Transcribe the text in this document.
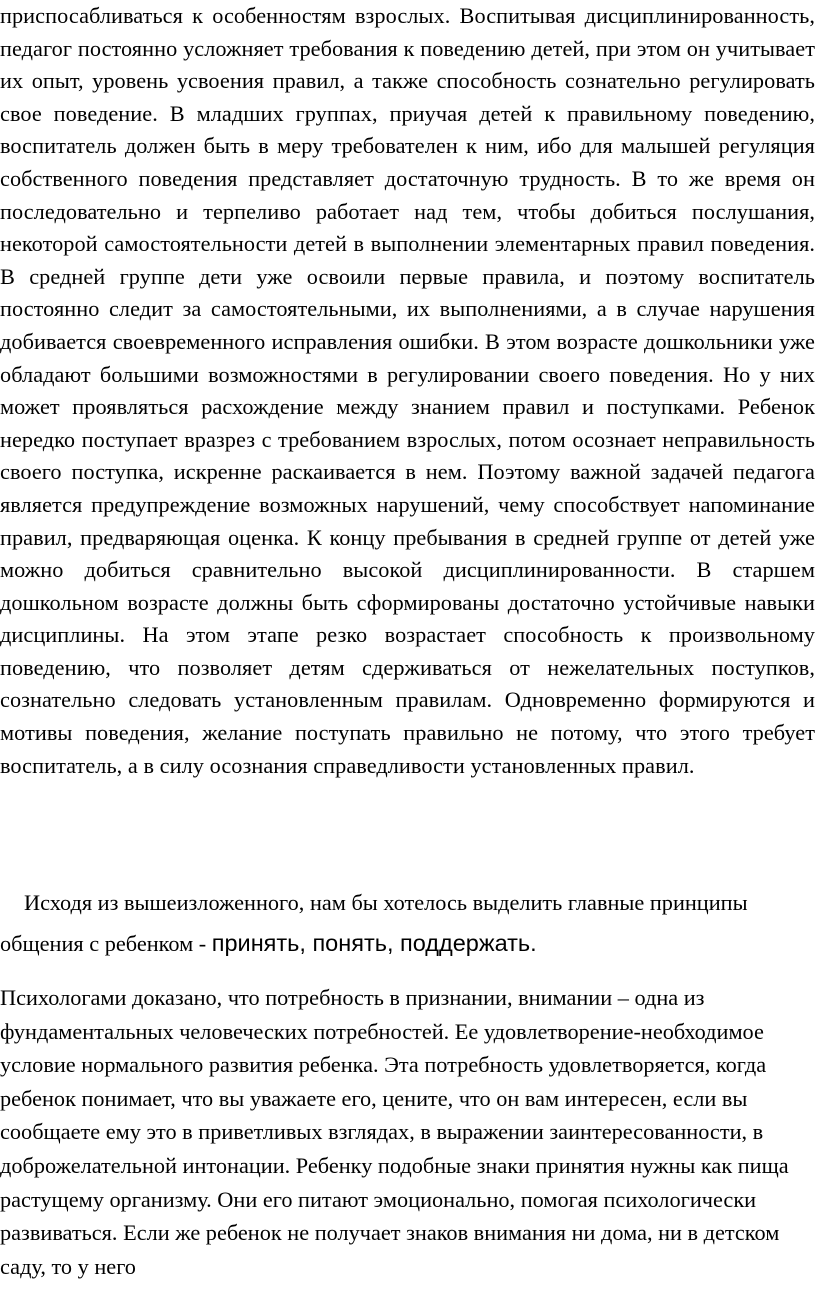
приспосабливаться к особенностям взрослых. Воспитывая дисциплинированность, педагог постоянно усложняет требования к поведению детей, при этом он учитывает их опыт, уровень усвоения правил, а также способность сознательно регулировать свое поведение. В младших группах, приучая детей к правильному поведению, воспитатель должен быть в меру требователен к ним, ибо для малышей регуляция собственного поведения представляет достаточную трудность. В то же время он последовательно и терпеливо работает над тем, чтобы добиться послушания, некоторой самостоятельности детей в выполнении элементарных правил поведения. В средней группе дети уже освоили первые правила, и поэтому воспитатель постоянно следит за самостоятельными, их выполнениями, а в случае нарушения добивается своевременного исправления ошибки. В этом возрасте дошкольники уже обладают большими возможностями в регулировании своего поведения. Но у них может проявляться расхождение между знанием правил и поступками. Ребенок нередко поступает вразрез с требованием взрослых, потом осознает неправильность своего поступка, искренне раскаивается в нем. Поэтому важной задачей педагога является предупреждение возможных нарушений, чему способствует напоминание правил, предваряющая оценка. К концу пребывания в средней группе от детей уже можно добиться сравнительно высокой дисциплинированности. В старшем дошкольном возрасте должны быть сформированы достаточно устойчивые навыки дисциплины. На этом этапе резко возрастает способность к произвольному поведению, что позволяет детям сдерживаться от нежелательных поступков, сознательно следовать установленным правилам. Одновременно формируются и мотивы поведения, желание поступать правильно не потому, что этого требует воспитатель, а в силу осознания справедливости установленных правил.

Исходя из вышеизложенного, нам бы хотелось выделить главные принципы общения с ребенком - принять, понять, поддержать.

Психологами доказано, что потребность в признании, внимании – одна из фундаментальных человеческих потребностей. Ее удовлетворение-необходимое условие нормального развития ребенка. Эта потребность удовлетворяется, когда ребенок понимает, что вы уважаете его, цените, что он вам интересен, если вы сообщаете ему это в приветливых взглядах, в выражении заинтересованности, в доброжелательной интонации. Ребенку подобные знаки принятия нужны как пища растущему организму. Они его питают эмоционально, помогая психологически развиваться. Если же ребенок не получает знаков внимания ни дома, ни в детском саду, то у него
